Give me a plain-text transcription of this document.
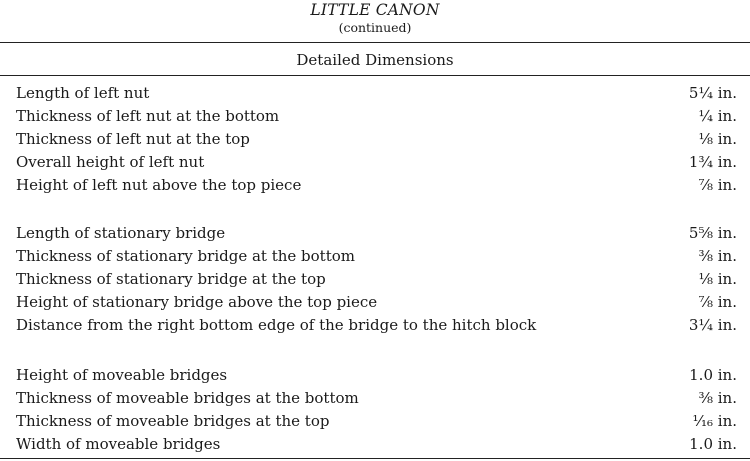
LITTLE CANON
(continued)
Detailed Dimensions
Length of left nut	5¼ in.
Thickness of left nut at the bottom	¼ in.
Thickness of left nut at the top	⅛ in.
Overall height of left nut	1¾ in.
Height of left nut above the top piece	⅞ in.
Length of stationary bridge	5⅝ in.
Thickness of stationary bridge at the bottom	⅜ in.
Thickness of stationary bridge at the top	⅛ in.
Height of stationary bridge above the top piece	⅞ in.
Distance from the right bottom edge of the bridge to the hitch block	3¼ in.
Height of moveable bridges	1.0 in.
Thickness of moveable bridges at the bottom	⅜ in.
Thickness of moveable bridges at the top	¹⁄₁₆ in.
Width of moveable bridges	1.0 in.
